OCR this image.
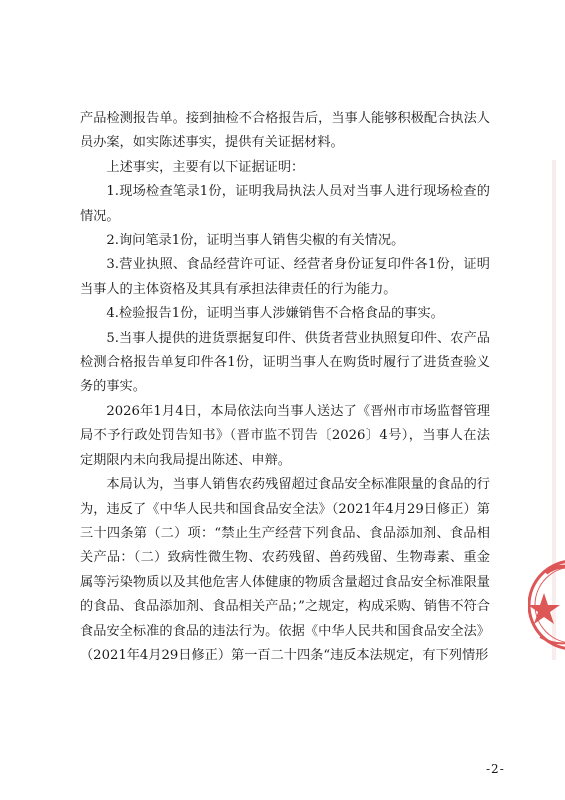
产品检测报告单。接到抽检不合格报告后，当事人能够积极配合执法人员办案，如实陈述事实，提供有关证据材料。

上述事实，主要有以下证据证明：

1.现场检查笔录1份，证明我局执法人员对当事人进行现场检查的情况。

2.询问笔录1份，证明当事人销售尖椒的有关情况。

3.营业执照、食品经营许可证、经营者身份证复印件各1份，证明当事人的主体资格及其具有承担法律责任的行为能力。

4.检验报告1份，证明当事人涉嫌销售不合格食品的事实。

5.当事人提供的进货票据复印件、供货者营业执照复印件、农产品检测合格报告单复印件各1份，证明当事人在购货时履行了进货查验义务的事实。

2026年1月4日，本局依法向当事人送达了《晋州市市场监督管理局不予行政处罚告知书》（晋市监不罚告〔2026〕4号），当事人在法定期限内未向我局提出陈述、申辩。

本局认为，当事人销售农药残留超过食品安全标准限量的食品的行为，违反了《中华人民共和国食品安全法》（2021年4月29日修正）第三十四条第（二）项：“禁止生产经营下列食品、食品添加剂、食品相关产品：（二）致病性微生物、农药残留、兽药残留、生物毒素、重金属等污染物质以及其他危害人体健康的物质含量超过食品安全标准限量的食品、食品添加剂、食品相关产品；”之规定，构成采购、销售不符合食品安全标准的食品的违法行为。依据《中华人民共和国食品安全法》（2021年4月29日修正）第一百二十四条“违反本法规定，有下列情形

-2-
